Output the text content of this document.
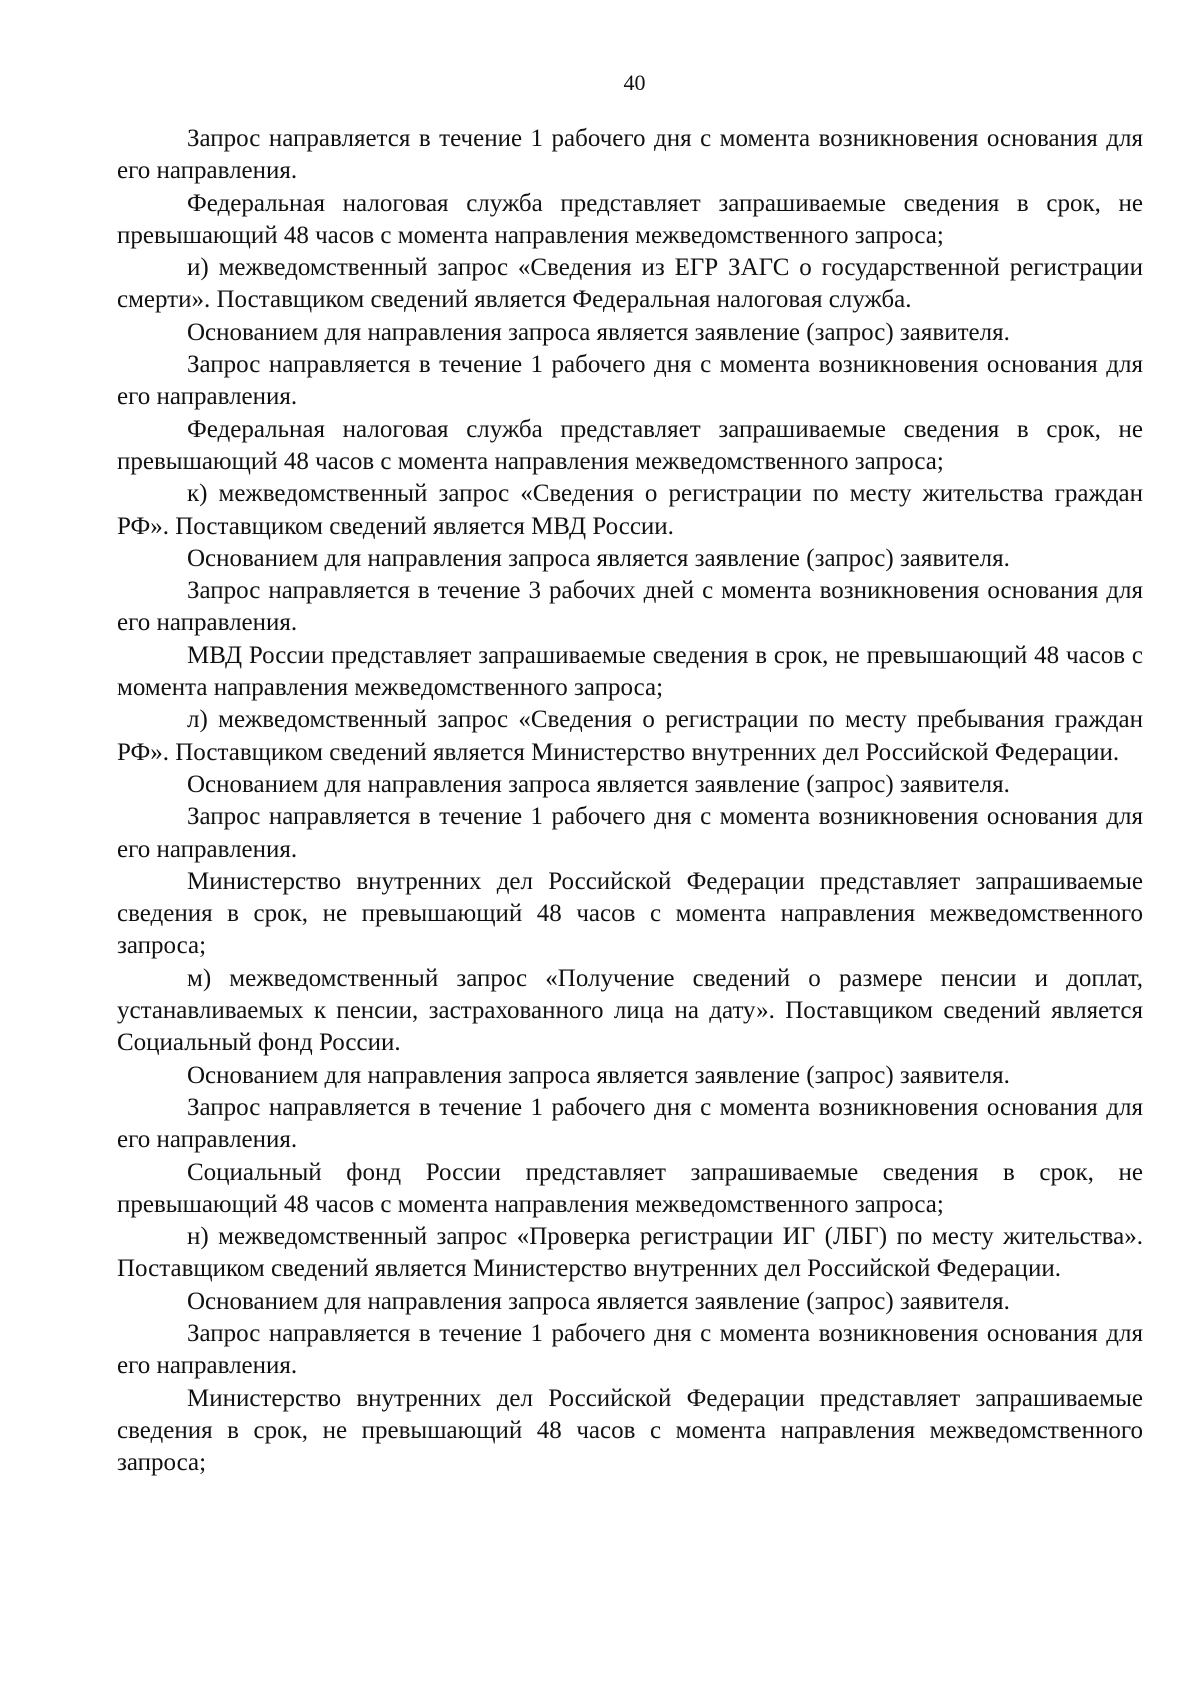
40

Запрос направляется в течение 1 рабочего дня с момента возникновения основания для его направления.

Федеральная налоговая служба представляет запрашиваемые сведения в срок, не превышающий 48 часов с момента направления межведомственного запроса;

и) межведомственный запрос «Сведения из ЕГР ЗАГС о государственной регистрации смерти». Поставщиком сведений является Федеральная налоговая служба.

Основанием для направления запроса является заявление (запрос) заявителя.

Запрос направляется в течение 1 рабочего дня с момента возникновения основания для его направления.

Федеральная налоговая служба представляет запрашиваемые сведения в срок, не превышающий 48 часов с момента направления межведомственного запроса;

к) межведомственный запрос «Сведения о регистрации по месту жительства граждан РФ». Поставщиком сведений является МВД России.

Основанием для направления запроса является заявление (запрос) заявителя.

Запрос направляется в течение 3 рабочих дней с момента возникновения основания для его направления.

МВД России представляет запрашиваемые сведения в срок, не превышающий 48 часов с момента направления межведомственного запроса;

л) межведомственный запрос «Сведения о регистрации по месту пребывания граждан РФ». Поставщиком сведений является Министерство внутренних дел Российской Федерации.

Основанием для направления запроса является заявление (запрос) заявителя.

Запрос направляется в течение 1 рабочего дня с момента возникновения основания для его направления.

Министерство внутренних дел Российской Федерации представляет запрашиваемые сведения в срок, не превышающий 48 часов с момента направления межведомственного запроса;

м) межведомственный запрос «Получение сведений о размере пенсии и доплат, устанавливаемых к пенсии, застрахованного лица на дату». Поставщиком сведений является Социальный фонд России.

Основанием для направления запроса является заявление (запрос) заявителя.

Запрос направляется в течение 1 рабочего дня с момента возникновения основания для его направления.

Социальный фонд России представляет запрашиваемые сведения в срок, не превышающий 48 часов с момента направления межведомственного запроса;

н) межведомственный запрос «Проверка регистрации ИГ (ЛБГ) по месту жительства». Поставщиком сведений является Министерство внутренних дел Российской Федерации.

Основанием для направления запроса является заявление (запрос) заявителя.

Запрос направляется в течение 1 рабочего дня с момента возникновения основания для его направления.

Министерство внутренних дел Российской Федерации представляет запрашиваемые сведения в срок, не превышающий 48 часов с момента направления межведомственного запроса;
